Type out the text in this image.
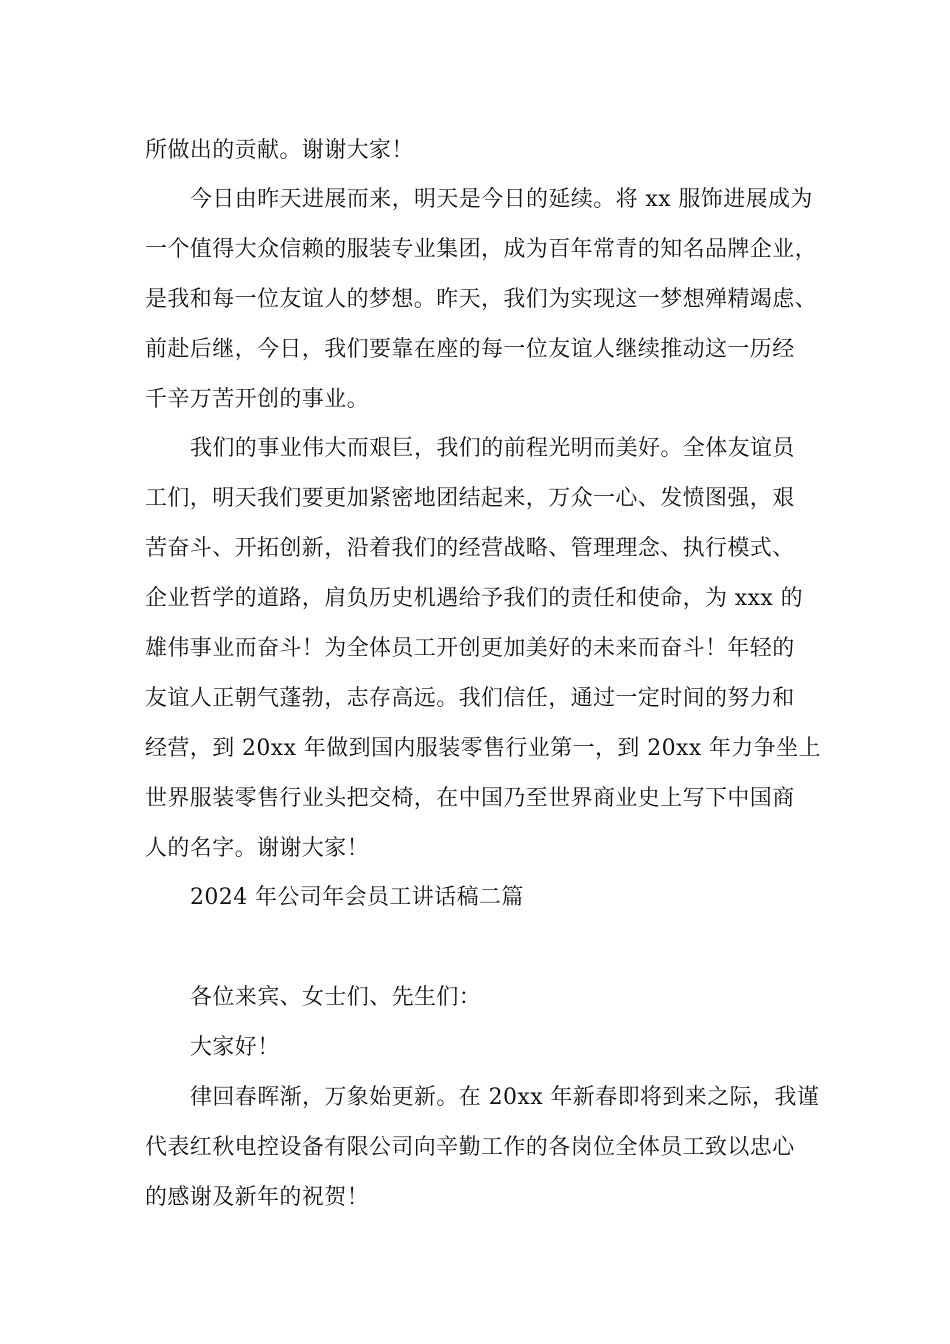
所做出的贡献。谢谢大家！
今日由昨天进展而来，明天是今日的延续。将 xx 服饰进展成为
一个值得大众信赖的服装专业集团，成为百年常青的知名品牌企业，
是我和每一位友谊人的梦想。昨天，我们为实现这一梦想殚精竭虑、
前赴后继，今日，我们要靠在座的每一位友谊人继续推动这一历经
千辛万苦开创的事业。
我们的事业伟大而艰巨，我们的前程光明而美好。全体友谊员
工们，明天我们要更加紧密地团结起来，万众一心、发愤图强，艰
苦奋斗、开拓创新，沿着我们的经营战略、管理理念、执行模式、
企业哲学的道路，肩负历史机遇给予我们的责任和使命，为 xxx 的
雄伟事业而奋斗！为全体员工开创更加美好的未来而奋斗！年轻的
友谊人正朝气蓬勃，志存高远。我们信任，通过一定时间的努力和
经营，到 20xx 年做到国内服装零售行业第一，到 20xx 年力争坐上
世界服装零售行业头把交椅，在中国乃至世界商业史上写下中国商
人的名字。谢谢大家！
2024 年公司年会员工讲话稿二篇
各位来宾、女士们、先生们：
大家好！
律回春晖渐，万象始更新。在 20xx 年新春即将到来之际，我谨
代表红秋电控设备有限公司向辛勤工作的各岗位全体员工致以忠心
的感谢及新年的祝贺！
